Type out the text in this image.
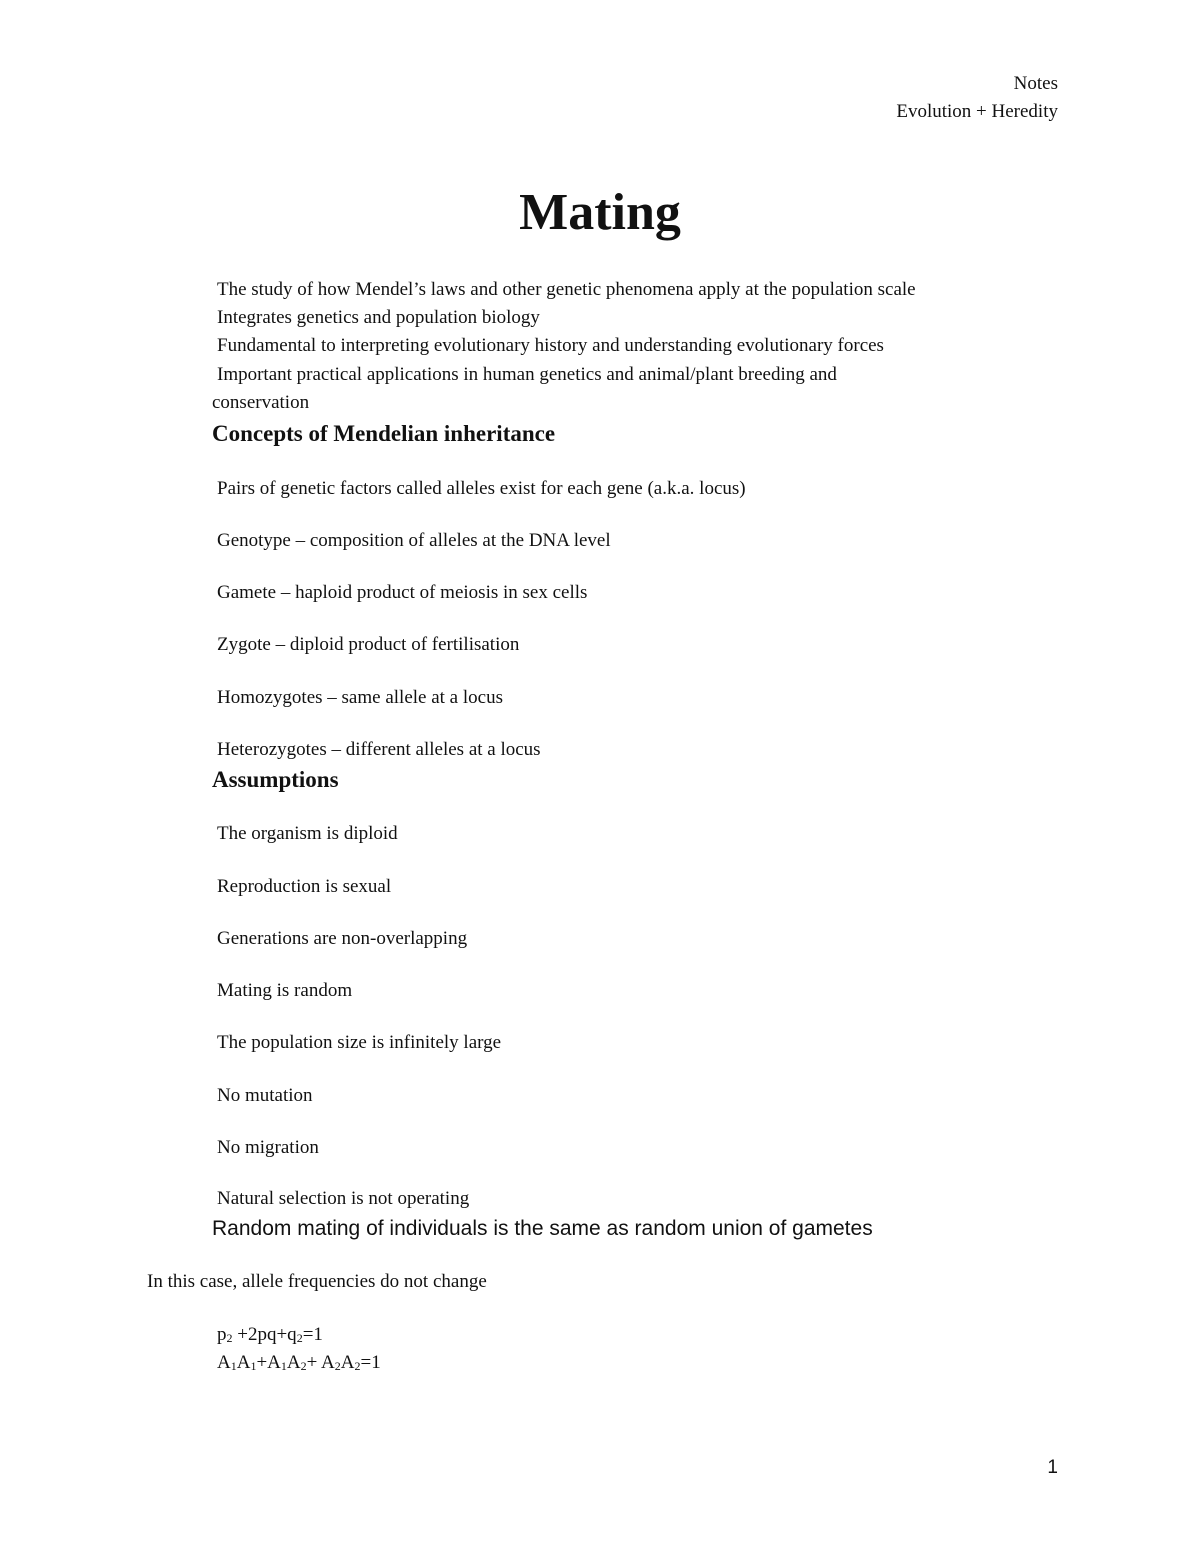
Notes
Evolution + Heredity
Mating
The study of how Mendel’s laws and other genetic phenomena apply at the population scale
Integrates genetics and population biology
Fundamental to interpreting evolutionary history and understanding evolutionary forces
Important practical applications in human genetics and animal/plant breeding and
conservation
Concepts of Mendelian inheritance
Pairs of genetic factors called alleles exist for each gene (a.k.a. locus)
Genotype – composition of alleles at the DNA level
Gamete – haploid product of meiosis in sex cells
Zygote – diploid product of fertilisation
Homozygotes – same allele at a locus
Heterozygotes – different alleles at a locus
Assumptions
The organism is diploid
Reproduction is sexual
Generations are non-overlapping
Mating is random
The population size is infinitely large
No mutation
No migration
Natural selection is not operating
Random mating of individuals is the same as random union of gametes
In this case, allele frequencies do not change
$p_2 +2pq+q_2=1$
$A_1A_1+A_1A_2+ A_2A_2=1$
1
